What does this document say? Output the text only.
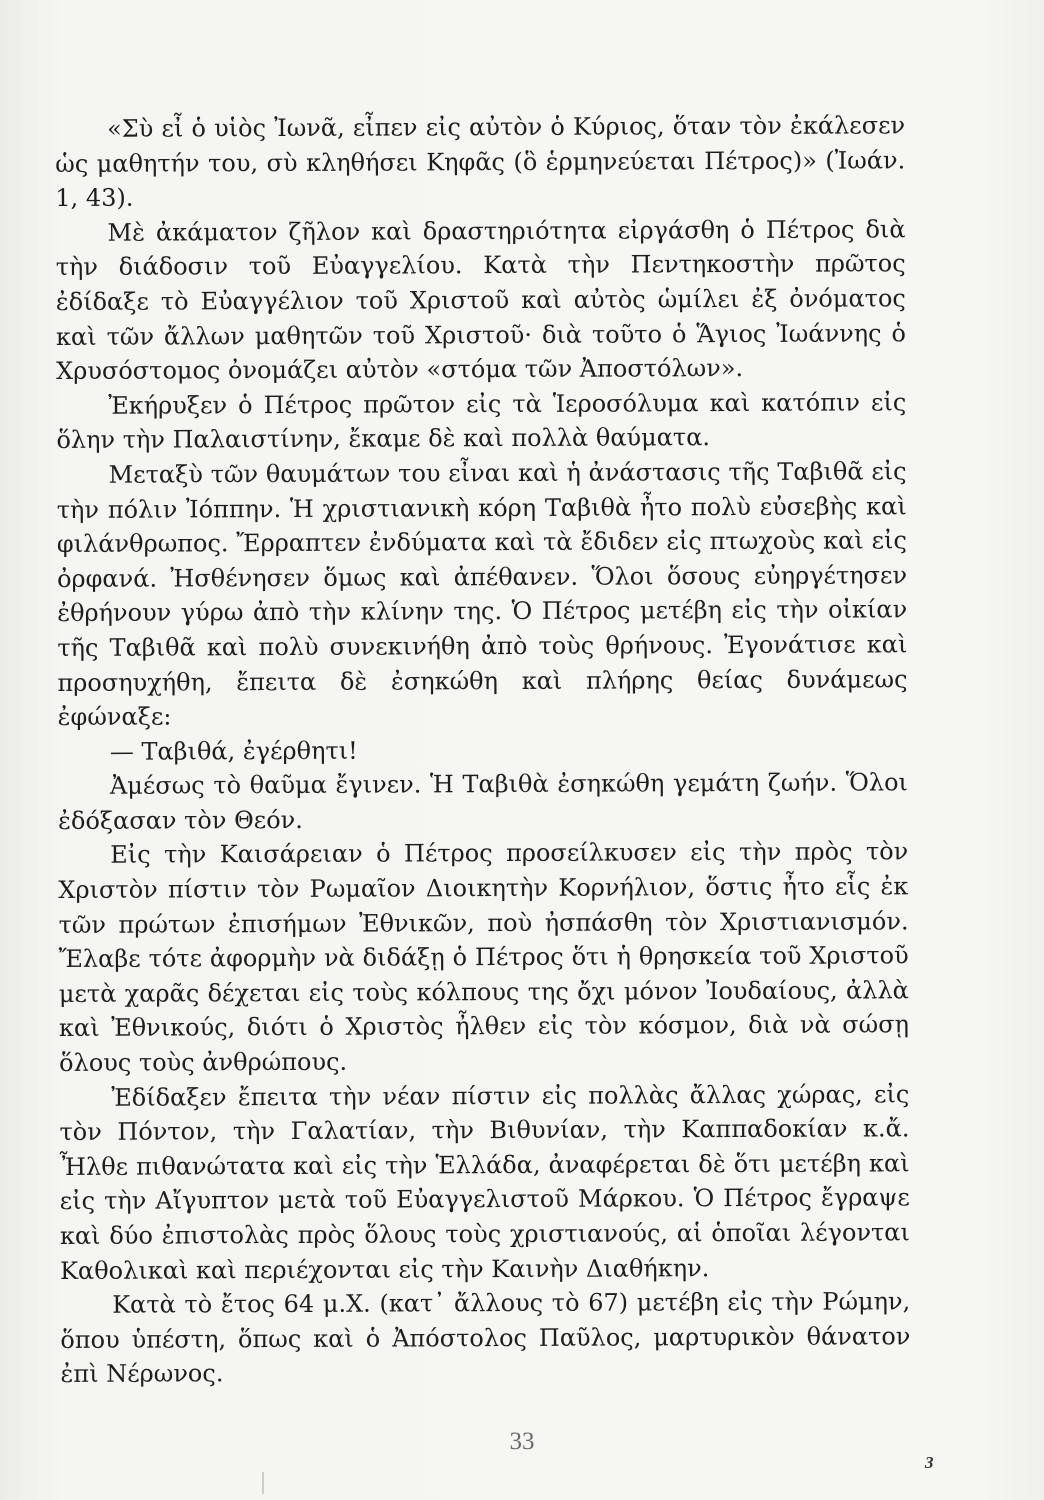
«Σὺ εἶ ὁ υἱὸς Ἰωνᾶ, εἶπεν εἰς αὐτὸν ὁ Κύριος, ὅταν τὸν ἐκάλεσεν ὡς μαθητήν του, σὺ κληθήσει Κηφᾶς (ὃ ἑρμηνεύεται Πέτρος)» (Ἰωάν. 1, 43).

Μὲ ἀκάματον ζῆλον καὶ δραστηριότητα εἰργάσθη ὁ Πέτρος διὰ τὴν διάδοσιν τοῦ Εὐαγγελίου. Κατὰ τὴν Πεντηκοστὴν πρῶτος ἐδίδαξε τὸ Εὐαγγέλιον τοῦ Χριστοῦ καὶ αὐτὸς ὡμίλει ἐξ ὀνόματος καὶ τῶν ἄλλων μαθητῶν τοῦ Χριστοῦ· διὰ τοῦτο ὁ Ἅγιος Ἰωάννης ὁ Χρυσόστομος ὀνομάζει αὐτὸν «στόμα τῶν Ἀποστόλων».

Ἐκήρυξεν ὁ Πέτρος πρῶτον εἰς τὰ Ἱεροσόλυμα καὶ κατόπιν εἰς ὅλην τὴν Παλαιστίνην, ἔκαμε δὲ καὶ πολλὰ θαύματα.

Μεταξὺ τῶν θαυμάτων του εἶναι καὶ ἡ ἀνάστασις τῆς Ταβιθᾶ εἰς τὴν πόλιν Ἰόππην. Ἡ χριστιανικὴ κόρη Ταβιθὰ ἦτο πολὺ εὐσεβὴς καὶ φιλάνθρωπος. Ἔρραπτεν ἐνδύματα καὶ τὰ ἔδιδεν εἰς πτωχοὺς καὶ εἰς ὀρφανά. Ἠσθένησεν ὅμως καὶ ἀπέθανεν. Ὅλοι ὅσους εὐηργέτησεν ἐθρήνουν γύρω ἀπὸ τὴν κλίνην της. Ὁ Πέτρος μετέβη εἰς τὴν οἰκίαν τῆς Ταβιθᾶ καὶ πολὺ συνεκινήθη ἀπὸ τοὺς θρήνους. Ἐγονάτισε καὶ προσηυχήθη, ἔπειτα δὲ ἐσηκώθη καὶ πλήρης θείας δυνάμεως ἐφώναξε:

— Ταβιθά, ἐγέρθητι!

Ἀμέσως τὸ θαῦμα ἔγινεν. Ἡ Ταβιθὰ ἐσηκώθη γεμάτη ζωήν. Ὅλοι ἐδόξασαν τὸν Θεόν.

Εἰς τὴν Καισάρειαν ὁ Πέτρος προσείλκυσεν εἰς τὴν πρὸς τὸν Χριστὸν πίστιν τὸν Ρωμαῖον Διοικητὴν Κορνήλιον, ὅστις ἦτο εἷς ἐκ τῶν πρώτων ἐπισήμων Ἐθνικῶν, ποὺ ἠσπάσθη τὸν Χριστιανισμόν. Ἔλαβε τότε ἀφορμὴν νὰ διδάξῃ ὁ Πέτρος ὅτι ἡ θρησκεία τοῦ Χριστοῦ μετὰ χαρᾶς δέχεται εἰς τοὺς κόλπους της ὄχι μόνον Ἰουδαίους, ἀλλὰ καὶ Ἐθνικούς, διότι ὁ Χριστὸς ἦλθεν εἰς τὸν κόσμον, διὰ νὰ σώσῃ ὅλους τοὺς ἀνθρώπους.

Ἐδίδαξεν ἔπειτα τὴν νέαν πίστιν εἰς πολλὰς ἄλλας χώρας, εἰς τὸν Πόντον, τὴν Γαλατίαν, τὴν Βιθυνίαν, τὴν Καππαδοκίαν κ.ἄ. Ἦλθε πιθανώτατα καὶ εἰς τὴν Ἑλλάδα, ἀναφέρεται δὲ ὅτι μετέβη καὶ εἰς τὴν Αἴγυπτον μετὰ τοῦ Εὐαγγελιστοῦ Μάρκου. Ὁ Πέτρος ἔγραψε καὶ δύο ἐπιστολὰς πρὸς ὅλους τοὺς χριστιανούς, αἱ ὁποῖαι λέγονται Καθολικαὶ καὶ περιέχονται εἰς τὴν Καινὴν Διαθήκην.

Κατὰ τὸ ἔτος 64 μ.Χ. (κατ᾽ ἄλλους τὸ 67) μετέβη εἰς τὴν Ρώμην, ὅπου ὑπέστη, ὅπως καὶ ὁ Ἀπόστολος Παῦλος, μαρτυρικὸν θάνατον ἐπὶ Νέρωνος.

33
3
